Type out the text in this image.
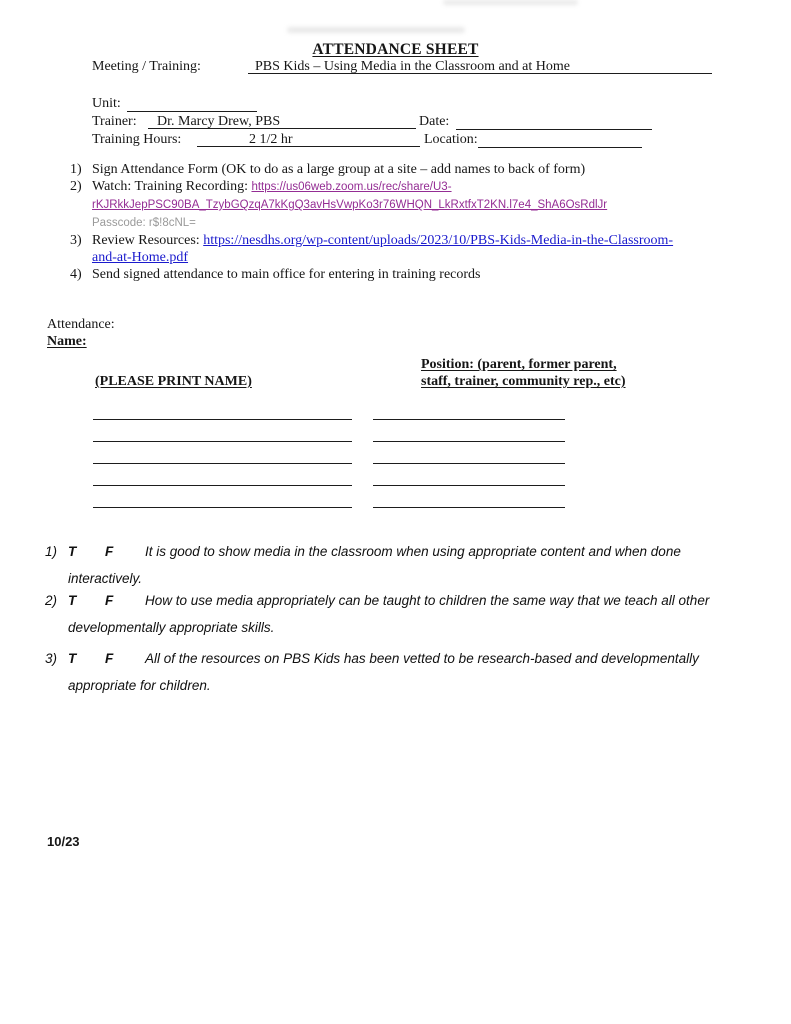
ATTENDANCE SHEET
Meeting / Training:	PBS Kids – Using Media in the Classroom and at Home
Unit:
Trainer:	Dr. Marcy Drew, PBS	Date:
Training Hours:	2 1/2 hr	Location:
1) Sign Attendance Form (OK to do as a large group at a site – add names to back of form)
2) Watch: Training Recording: https://us06web.zoom.us/rec/share/U3-
rKJRkkJepPSC90BA_TzybGQzqA7kKgQ3avHsVwpKo3r76WHQN_LkRxtfxT2KN.l7e4_ShA6OsRdlJr
Passcode: r$!8cNL=
3) Review Resources: https://nesdhs.org/wp-content/uploads/2023/10/PBS-Kids-Media-in-the-Classroom-
and-at-Home.pdf
4) Send signed attendance to main office for entering in training records
Attendance:
Name:
Position: (parent, former parent,
staff, trainer, community rep., etc)
(PLEASE PRINT NAME)
1) T F	It is good to show media in the classroom when using appropriate content and when done
interactively.
2) T F	How to use media appropriately can be taught to children the same way that we teach all other
developmentally appropriate skills.
3) T F	All of the resources on PBS Kids has been vetted to be research-based and developmentally
appropriate for children.
10/23
